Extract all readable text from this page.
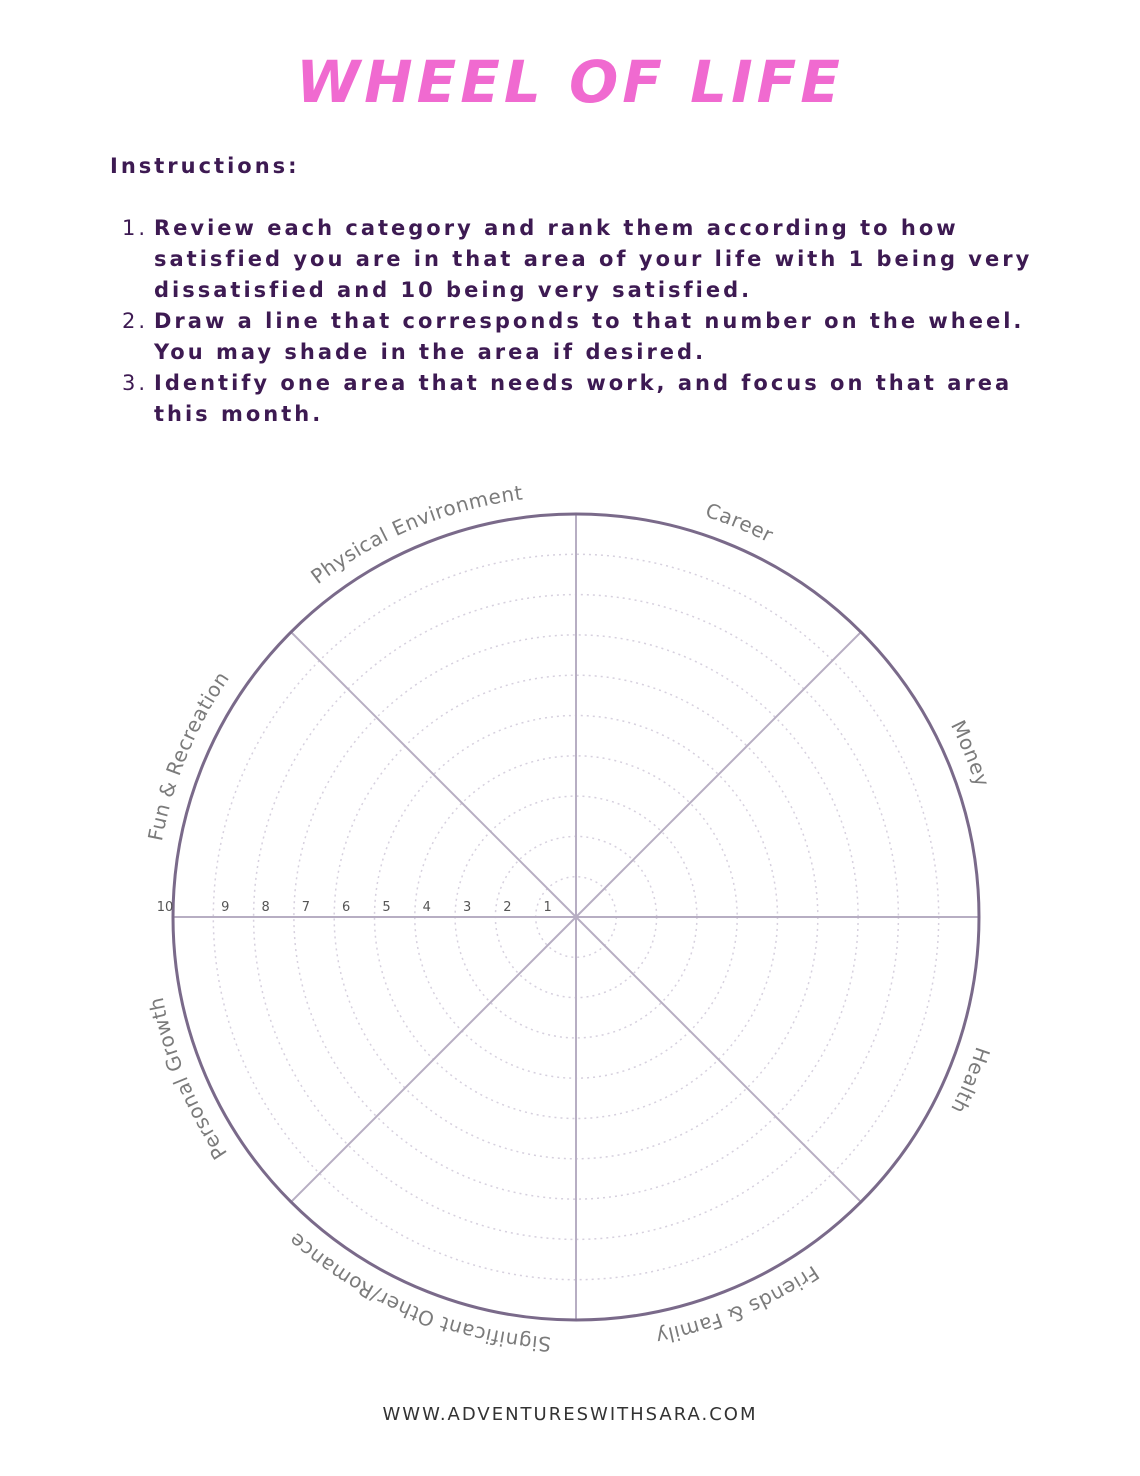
WHEEL OF LIFE
Instructions:
1. Review each category and rank them according to how satisfied you are in that area of your life with 1 being very dissatisfied and 10 being very satisfied.
2. Draw a line that corresponds to that number on the wheel. You may shade in the area if desired.
3. Identify one area that needs work, and focus on that area this month.
1
2
3
4
5
6
7
8
9
10
Career
Money
Health
Friends & Family
Significant Other/Romance
Personal Growth
Fun & Recreation
Physical Environment
WWW.ADVENTURESWITHSARA.COM
